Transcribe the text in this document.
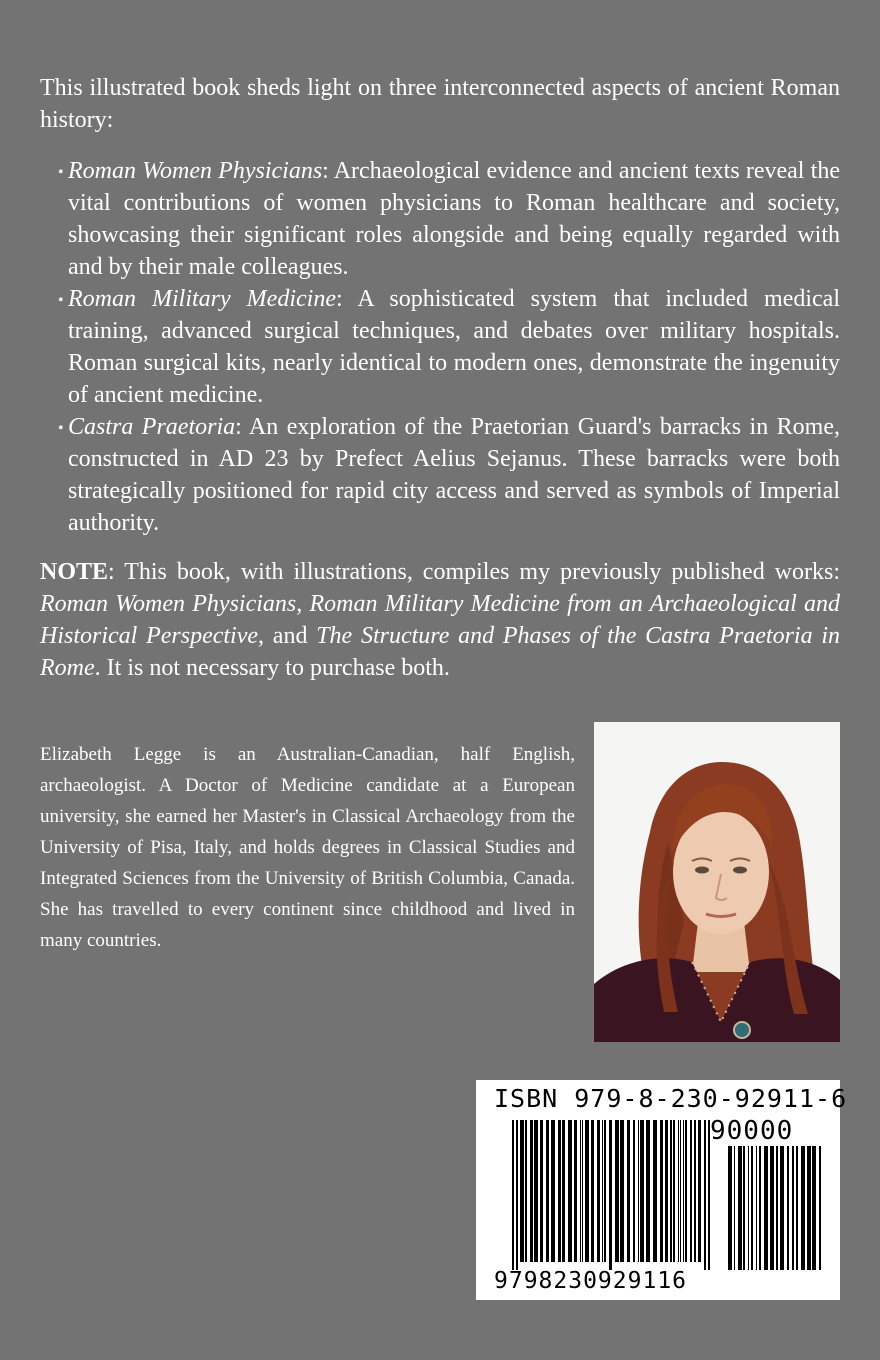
This illustrated book sheds light on three interconnected aspects of ancient Roman history:

• Roman Women Physicians: Archaeological evidence and ancient texts reveal the vital contributions of women physicians to Roman healthcare and society, showcasing their significant roles alongside and being equally regarded with and by their male colleagues.
• Roman Military Medicine: A sophisticated system that included medical training, advanced surgical techniques, and debates over military hospitals. Roman surgical kits, nearly identical to modern ones, demonstrate the ingenuity of ancient medicine.
• Castra Praetoria: An exploration of the Praetorian Guard's barracks in Rome, constructed in AD 23 by Prefect Aelius Sejanus. These barracks were both strategically positioned for rapid city access and served as symbols of Imperial authority.

NOTE: This book, with illustrations, compiles my previously published works: Roman Women Physicians, Roman Military Medicine from an Archaeological and Historical Perspective, and The Structure and Phases of the Castra Praetoria in Rome. It is not necessary to purchase both.

Elizabeth Legge is an Australian-Canadian, half English, archaeologist. A Doctor of Medicine candidate at a European university, she earned her Master's in Classical Archaeology from the University of Pisa, Italy, and holds degrees in Classical Studies and Integrated Sciences from the University of British Columbia, Canada. She has travelled to every continent since childhood and lived in many countries.

ISBN 979-8-230-92911-6
90000
9798230929116
